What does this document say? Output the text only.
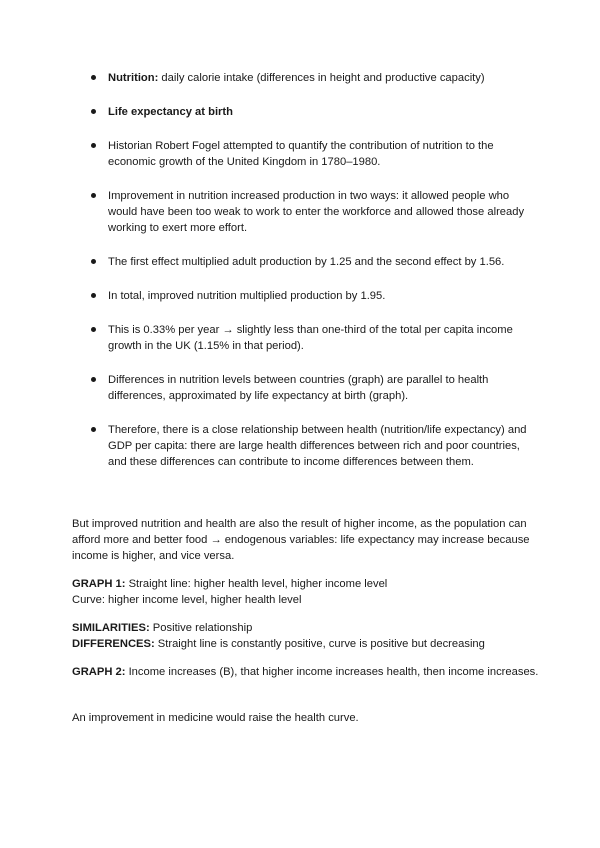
Nutrition: daily calorie intake (differences in height and productive capacity)
Life expectancy at birth
Historian Robert Fogel attempted to quantify the contribution of nutrition to the economic growth of the United Kingdom in 1780–1980.
Improvement in nutrition increased production in two ways: it allowed people who would have been too weak to work to enter the workforce and allowed those already working to exert more effort.
The first effect multiplied adult production by 1.25 and the second effect by 1.56.
In total, improved nutrition multiplied production by 1.95.
This is 0.33% per year → slightly less than one-third of the total per capita income growth in the UK (1.15% in that period).
Differences in nutrition levels between countries (graph) are parallel to health differences, approximated by life expectancy at birth (graph).
Therefore, there is a close relationship between health (nutrition/life expectancy) and GDP per capita: there are large health differences between rich and poor countries, and these differences can contribute to income differences between them.
But improved nutrition and health are also the result of higher income, as the population can afford more and better food → endogenous variables: life expectancy may increase because income is higher, and vice versa.
GRAPH 1: Straight line: higher health level, higher income level
Curve: higher income level, higher health level
SIMILARITIES: Positive relationship
DIFFERENCES: Straight line is constantly positive, curve is positive but decreasing
GRAPH 2: Income increases (B), that higher income increases health, then income increases.
An improvement in medicine would raise the health curve.
